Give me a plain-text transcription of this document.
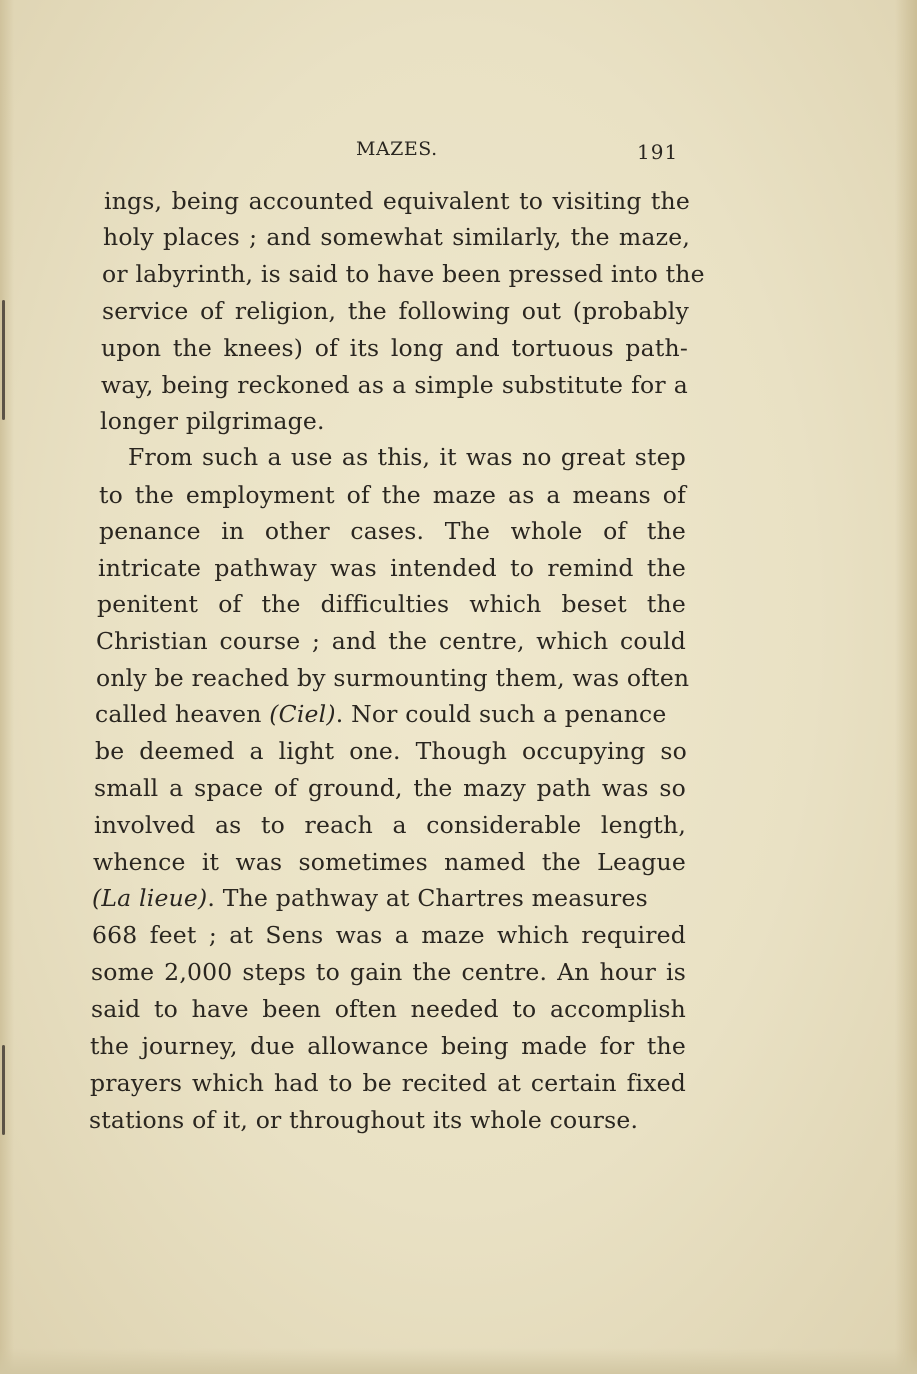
MAZES.	191
ings, being accounted equivalent to visiting the
holy places ; and somewhat similarly, the maze,
or labyrinth, is said to have been pressed into the
service of religion, the following out (probably
upon the knees) of its long and tortuous path-
way, being reckoned as a simple substitute for a
longer pilgrimage.
From such a use as this, it was no great step
to the employment of the maze as a means of
penance in other cases. The whole of the
intricate pathway was intended to remind the
penitent of the difficulties which beset the
Christian course ; and the centre, which could
only be reached by surmounting them, was often
called heaven (Ciel). Nor could such a penance
be deemed a light one. Though occupying so
small a space of ground, the mazy path was so
involved as to reach a considerable length,
whence it was sometimes named the League
(La lieue). The pathway at Chartres measures
668 feet ; at Sens was a maze which required
some 2,000 steps to gain the centre. An hour is
said to have been often needed to accomplish
the journey, due allowance being made for the
prayers which had to be recited at certain fixed
stations of it, or throughout its whole course.
